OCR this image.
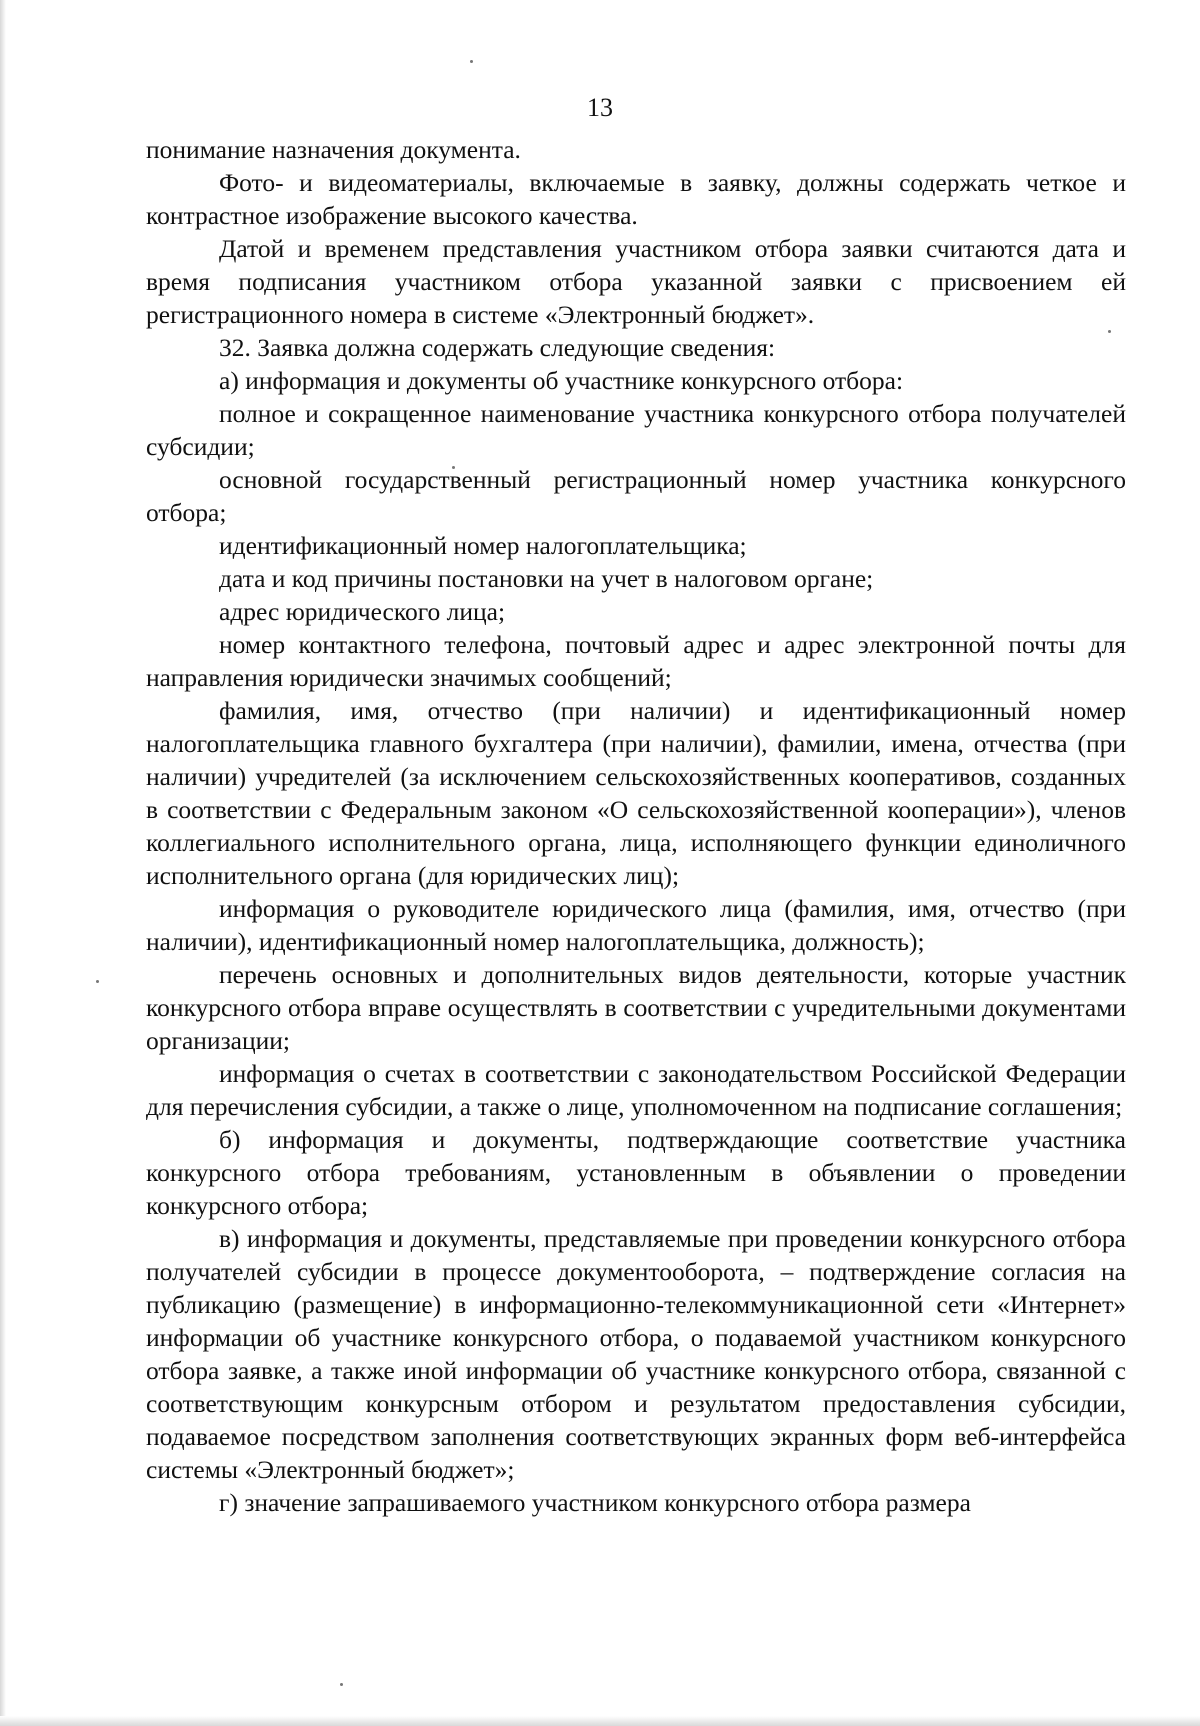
13

понимание назначения документа.

Фото- и видеоматериалы, включаемые в заявку, должны содержать четкое и контрастное изображение высокого качества.

Датой и временем представления участником отбора заявки считаются дата и время подписания участником отбора указанной заявки с присвоением ей регистрационного номера в системе «Электронный бюджет».

32. Заявка должна содержать следующие сведения:

а) информация и документы об участнике конкурсного отбора:

полное и сокращенное наименование участника конкурсного отбора получателей субсидии;

основной государственный регистрационный номер участника конкурсного отбора;

идентификационный номер налогоплательщика;

дата и код причины постановки на учет в налоговом органе;

адрес юридического лица;

номер контактного телефона, почтовый адрес и адрес электронной почты для направления юридически значимых сообщений;

фамилия, имя, отчество (при наличии) и идентификационный номер налогоплательщика главного бухгалтера (при наличии), фамилии, имена, отчества (при наличии) учредителей (за исключением сельскохозяйственных кооперативов, созданных в соответствии с Федеральным законом «О сельскохозяйственной кооперации»), членов коллегиального исполнительного органа, лица, исполняющего функции единоличного исполнительного органа (для юридических лиц);

информация о руководителе юридического лица (фамилия, имя, отчество (при наличии), идентификационный номер налогоплательщика, должность);

перечень основных и дополнительных видов деятельности, которые участник конкурсного отбора вправе осуществлять в соответствии с учредительными документами организации;

информация о счетах в соответствии с законодательством Российской Федерации для перечисления субсидии, а также о лице, уполномоченном на подписание соглашения;

б) информация и документы, подтверждающие соответствие участника конкурсного отбора требованиям, установленным в объявлении о проведении конкурсного отбора;

в) информация и документы, представляемые при проведении конкурсного отбора получателей субсидии в процессе документооборота, – подтверждение согласия на публикацию (размещение) в информационно-телекоммуникационной сети «Интернет» информации об участнике конкурсного отбора, о подаваемой участником конкурсного отбора заявке, а также иной информации об участнике конкурсного отбора, связанной с соответствующим конкурсным отбором и результатом предоставления субсидии, подаваемое посредством заполнения соответствующих экранных форм веб-интерфейса системы «Электронный бюджет»;

г) значение запрашиваемого участником конкурсного отбора размера
